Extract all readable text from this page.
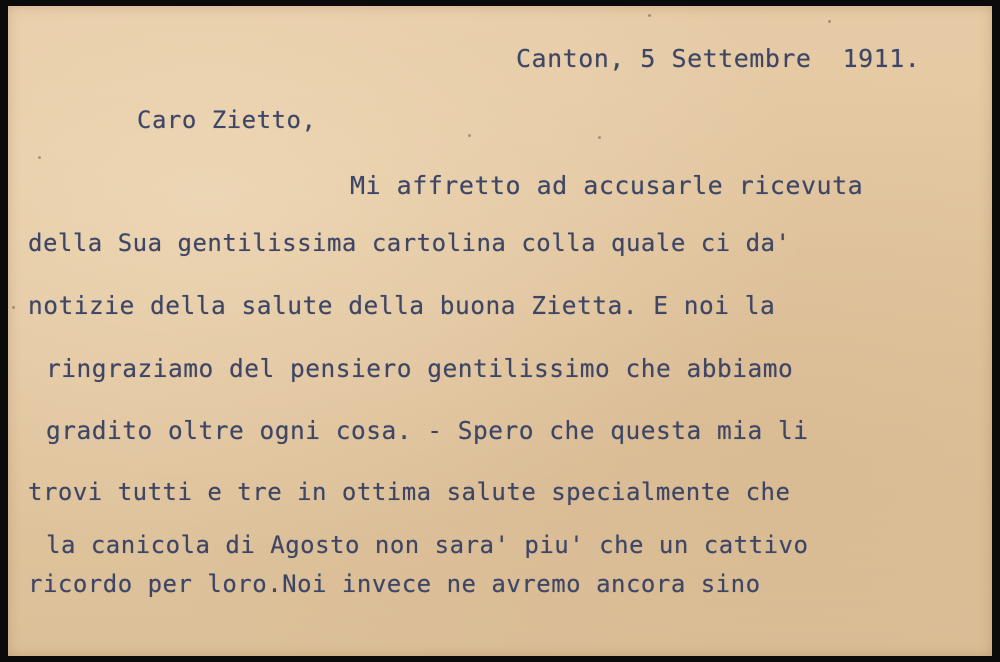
Canton, 5 Settembre  1911.
Caro Zietto,
Mi affretto ad accusarle ricevuta
della Sua gentilissima cartolina colla quale ci da'
notizie della salute della buona Zietta. E noi la
ringraziamo del pensiero gentilissimo che abbiamo
gradito oltre ogni cosa. - Spero che questa mia li
trovi tutti e tre in ottima salute specialmente che
la canicola di Agosto non sara' piu' che un cattivo
ricordo per loro.Noi invece ne avremo ancora sino
